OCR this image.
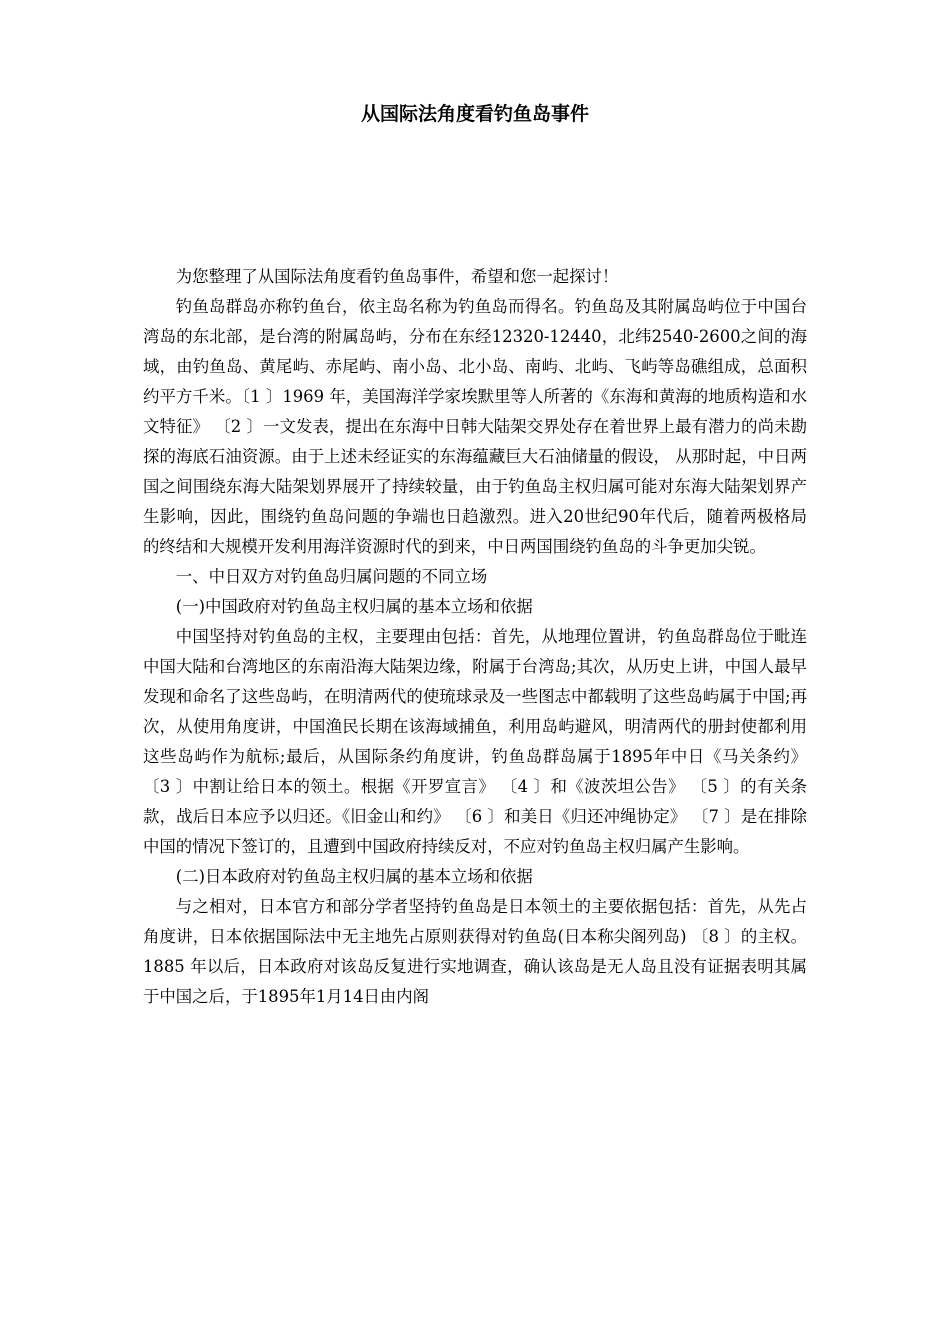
从国际法角度看钓鱼岛事件

为您整理了从国际法角度看钓鱼岛事件，希望和您一起探讨！

钓鱼岛群岛亦称钓鱼台，依主岛名称为钓鱼岛而得名。钓鱼岛及其附属岛屿位于中国台湾岛的东北部，是台湾的附属岛屿，分布在东经12320-12440，北纬2540-2600之间的海域，由钓鱼岛、黄尾屿、赤尾屿、南小岛、北小岛、南屿、北屿、飞屿等岛礁组成，总面积约平方千米。〔1 〕1969 年，美国海洋学家埃默里等人所著的《东海和黄海的地质构造和水文特征》 〔2 〕一文发表，提出在东海中日韩大陆架交界处存在着世界上最有潜力的尚未勘探的海底石油资源。由于上述未经证实的东海蕴藏巨大石油储量的假设， 从那时起，中日两国之间围绕东海大陆架划界展开了持续较量，由于钓鱼岛主权归属可能对东海大陆架划界产生影响，因此，围绕钓鱼岛问题的争端也日趋激烈。进入20世纪90年代后，随着两极格局的终结和大规模开发利用海洋资源时代的到来，中日两国围绕钓鱼岛的斗争更加尖锐。

一、中日双方对钓鱼岛归属问题的不同立场

(一)中国政府对钓鱼岛主权归属的基本立场和依据

中国坚持对钓鱼岛的主权，主要理由包括：首先，从地理位置讲，钓鱼岛群岛位于毗连中国大陆和台湾地区的东南沿海大陆架边缘，附属于台湾岛;其次，从历史上讲，中国人最早发现和命名了这些岛屿，在明清两代的使琉球录及一些图志中都载明了这些岛屿属于中国;再次，从使用角度讲，中国渔民长期在该海域捕鱼，利用岛屿避风，明清两代的册封使都利用这些岛屿作为航标;最后，从国际条约角度讲，钓鱼岛群岛属于1895年中日《马关条约》 〔3 〕中割让给日本的领土。根据《开罗宣言》 〔4 〕和《波茨坦公告》 〔5 〕的有关条款，战后日本应予以归还。《旧金山和约》 〔6 〕和美日《归还冲绳协定》 〔7 〕是在排除中国的情况下签订的，且遭到中国政府持续反对，不应对钓鱼岛主权归属产生影响。

(二)日本政府对钓鱼岛主权归属的基本立场和依据

与之相对，日本官方和部分学者坚持钓鱼岛是日本领土的主要依据包括：首先，从先占角度讲，日本依据国际法中无主地先占原则获得对钓鱼岛(日本称尖阁列岛) 〔8 〕的主权。1885 年以后，日本政府对该岛反复进行实地调查，确认该岛是无人岛且没有证据表明其属于中国之后，于1895年1月14日由内阁
